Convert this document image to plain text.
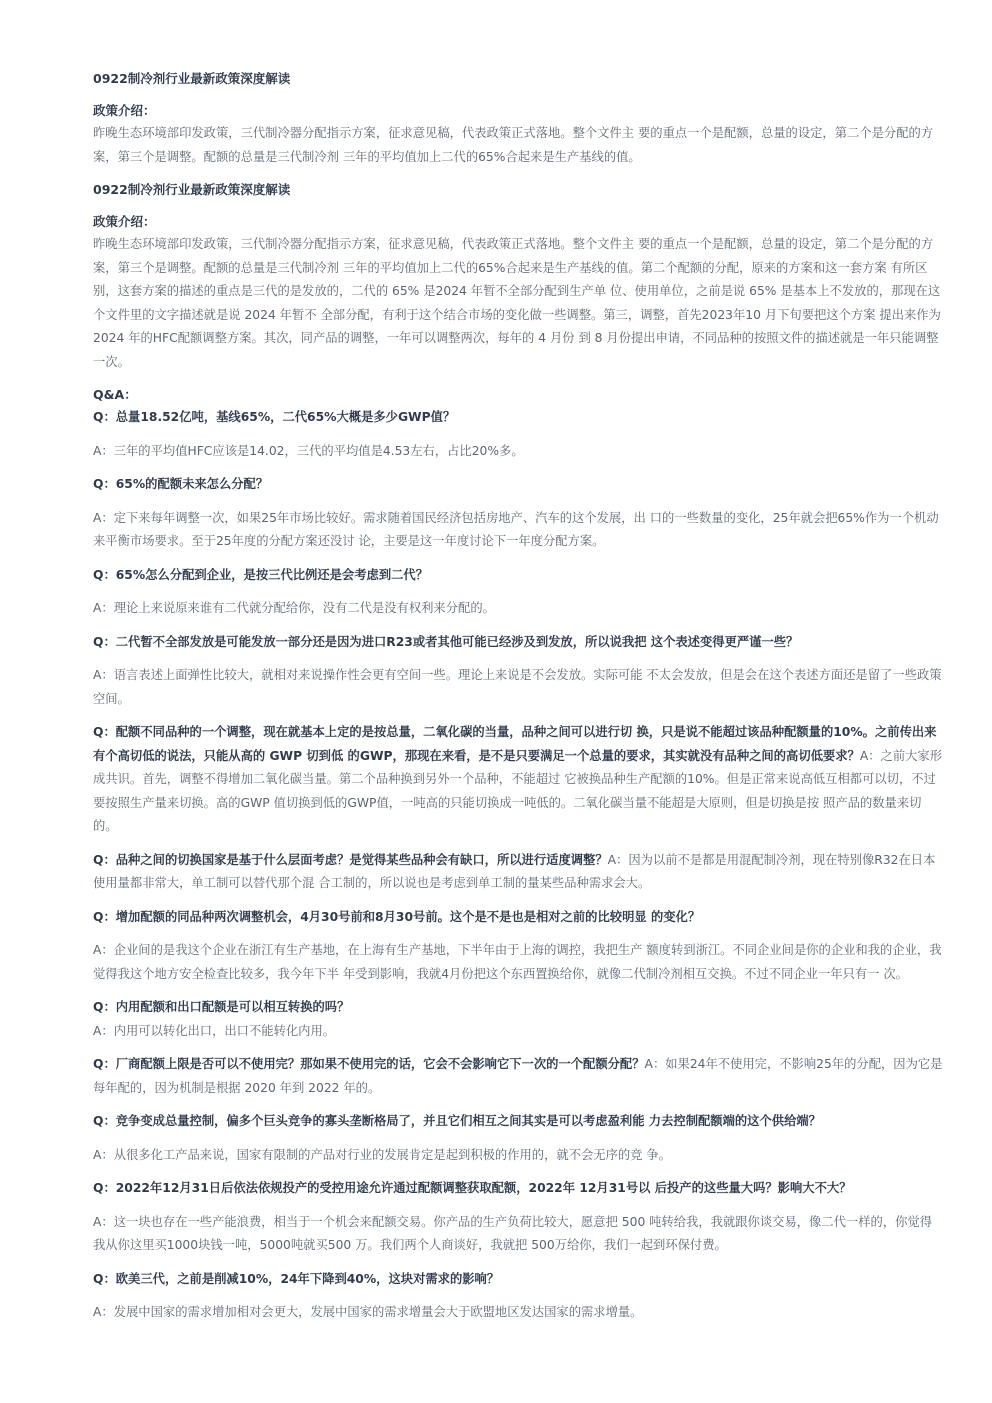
0922制冷剂行业最新政策深度解读
政策介绍：

昨晚生态环境部印发政策，三代制冷器分配指示方案，征求意见稿，代表政策正式落地。整个文件主 要的重点一个是配额，总量的设定，第二个是分配的方案，第三个是调整。配额的总量是三代制冷剂 三年的平均值加上二代的65%合起来是生产基线的值。

0922制冷剂行业最新政策深度解读
政策介绍：

昨晚生态环境部印发政策，三代制冷器分配指示方案，征求意见稿，代表政策正式落地。整个文件主 要的重点一个是配额，总量的设定，第二个是分配的方案，第三个是调整。配额的总量是三代制冷剂 三年的平均值加上二代的65%合起来是生产基线的值。第二个配额的分配，原来的方案和这一套方案 有所区别，这套方案的描述的重点是三代的是发放的，二代的 65% 是2024 年暂不全部分配到生产单 位、使用单位，之前是说 65% 是基本上不发放的，那现在这个文件里的文字描述就是说 2024 年暂不 全部分配，有利于这个结合市场的变化做一些调整。第三，调整，首先2023年10 月下旬要把这个方案 提出来作为 2024 年的HFC配额调整方案。其次，同产品的调整，一年可以调整两次，每年的 4 月份 到 8 月份提出申请，不同品种的按照文件的描述就是一年只能调整一次。

Q&A：

Q：总量18.52亿吨，基线65%，二代65%大概是多少GWP值？

A：三年的平均值HFC应该是14.02，三代的平均值是4.53左右，占比20%多。

Q：65%的配额未来怎么分配？

A：定下来每年调整一次，如果25年市场比较好。需求随着国民经济包括房地产、汽车的这个发展，出 口的一些数量的变化，25年就会把65%作为一个机动来平衡市场要求。至于25年度的分配方案还没讨 论，主要是这一年度讨论下一年度分配方案。

Q：65%怎么分配到企业，是按三代比例还是会考虑到二代？

A：理论上来说原来谁有二代就分配给你，没有二代是没有权利来分配的。

Q：二代暂不全部发放是可能发放一部分还是因为进口R23或者其他可能已经涉及到发放，所以说我把 这个表述变得更严谨一些？

A：语言表述上面弹性比较大，就相对来说操作性会更有空间一些。理论上来说是不会发放。实际可能 不太会发放，但是会在这个表述方面还是留了一些政策空间。

Q：配额不同品种的一个调整，现在就基本上定的是按总量，二氧化碳的当量，品种之间可以进行切 换，只是说不能超过该品种配额量的10%。之前传出来有个高切低的说法，只能从高的 GWP 切到低 的GWP，那现在来看，是不是只要满足一个总量的要求，其实就没有品种之间的高切低要求？A：之前大家形成共识。首先，调整不得增加二氧化碳当量。第二个品种换到另外一个品种，不能超过 它被换品种生产配额的10%。但是正常来说高低互相都可以切，不过要按照生产量来切换。高的GWP 值切换到低的GWP值，一吨高的只能切换成一吨低的。二氧化碳当量不能超是大原则，但是切换是按 照产品的数量来切的。

Q：品种之间的切换国家是基于什么层面考虑？是觉得某些品种会有缺口，所以进行适度调整？A：因为以前不是都是用混配制冷剂，现在特别像R32在日本使用量都非常大，单工制可以替代那个混 合工制的，所以说也是考虑到单工制的量某些品种需求会大。

Q：增加配额的同品种两次调整机会，4月30号前和8月30号前。这个是不是也是相对之前的比较明显 的变化？

A：企业间的是我这个企业在浙江有生产基地，在上海有生产基地，下半年由于上海的调控，我把生产 额度转到浙江。不同企业间是你的企业和我的企业，我觉得我这个地方安全检查比较多，我今年下半 年受到影响，我就4月份把这个东西置换给你，就像二代制冷剂相互交换。不过不同企业一年只有一 次。

Q：内用配额和出口配额是可以相互转换的吗？

A：内用可以转化出口，出口不能转化内用。

Q：厂商配额上限是否可以不使用完？那如果不使用完的话，它会不会影响它下一次的一个配额分配？A：如果24年不使用完，不影响25年的分配，因为它是每年配的，因为机制是根据 2020 年到 2022 年的。

Q：竞争变成总量控制，偏多个巨头竞争的寡头垄断格局了，并且它们相互之间其实是可以考虑盈利能 力去控制配额端的这个供给端？

A：从很多化工产品来说，国家有限制的产品对行业的发展肯定是起到积极的作用的，就不会无序的竞 争。

Q：2022年12月31日后依法依规投产的受控用途允许通过配额调整获取配额，2022年 12月31号以 后投产的这些量大吗？影响大不大？

A：这一块也存在一些产能浪费，相当于一个机会来配额交易。你产品的生产负荷比较大，愿意把 500 吨转给我，我就跟你谈交易，像二代一样的，你觉得我从你这里买1000块钱一吨，5000吨就买500 万。我们两个人商谈好，我就把 500万给你，我们一起到环保付费。

Q：欧美三代，之前是削减10%，24年下降到40%，这块对需求的影响？

A：发展中国家的需求增加相对会更大，发展中国家的需求增量会大于欧盟地区发达国家的需求增量。
